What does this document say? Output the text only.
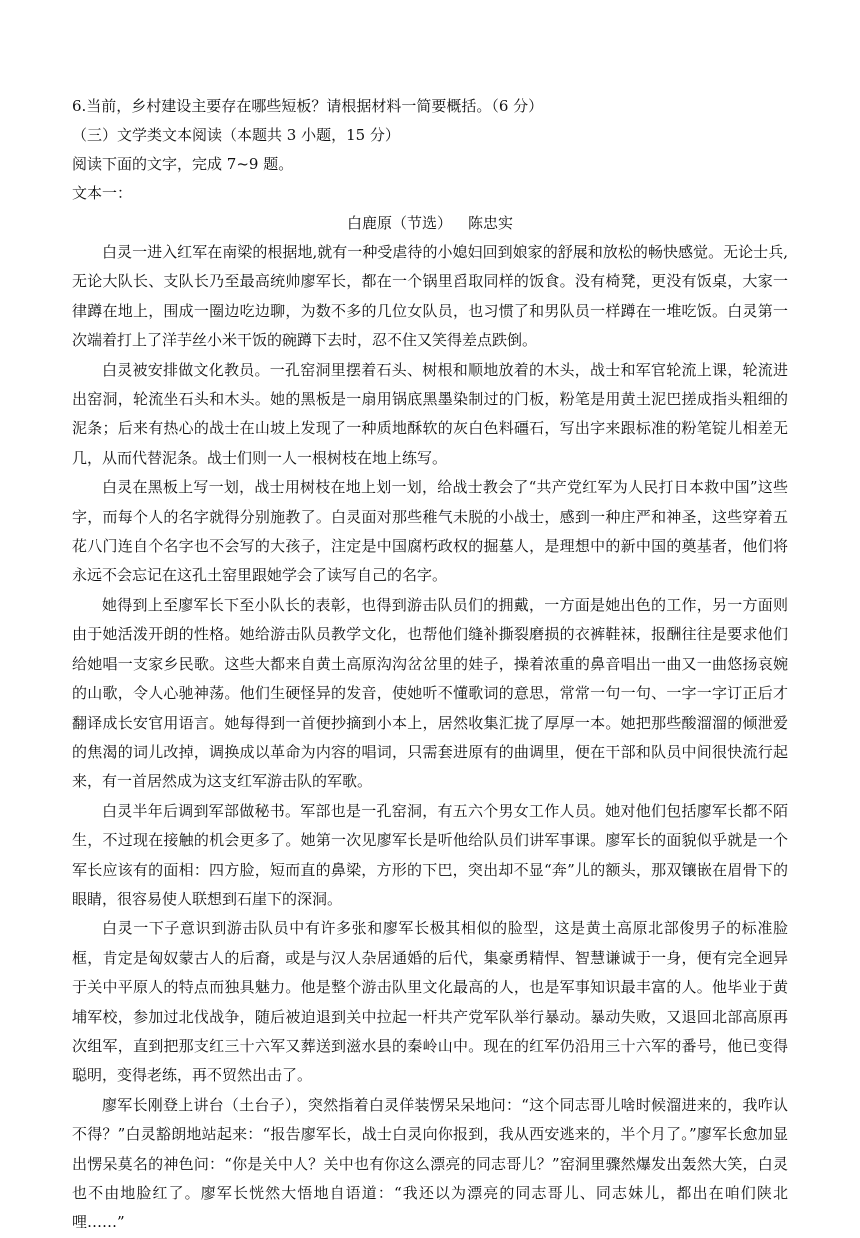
6.当前，乡村建设主要存在哪些短板？请根据材料一简要概括。（6 分）

（三）文学类文本阅读（本题共 3 小题，15 分）

阅读下面的文字，完成 7~9 题。

文本一：

白鹿原（节选） 陈忠实

白灵一进入红军在南梁的根据地,就有一种受虐待的小媳妇回到娘家的舒展和放松的畅快感觉。无论士兵,无论大队长、支队长乃至最高统帅廖军长，都在一个锅里舀取同样的饭食。没有椅凳，更没有饭桌，大家一律蹲在地上，围成一圈边吃边聊，为数不多的几位女队员，也习惯了和男队员一样蹲在一堆吃饭。白灵第一次端着打上了洋芋丝小米干饭的碗蹲下去时，忍不住又笑得差点跌倒。

白灵被安排做文化教员。一孔窑洞里摆着石头、树根和顺地放着的木头，战士和军官轮流上课，轮流进出窑洞，轮流坐石头和木头。她的黑板是一扇用锅底黑墨染制过的门板，粉笔是用黄土泥巴搓成指头粗细的泥条；后来有热心的战士在山坡上发现了一种质地酥软的灰白色料礓石，写出字来跟标准的粉笔锭儿相差无几，从而代替泥条。战士们则一人一根树枝在地上练写。

白灵在黑板上写一划，战士用树枝在地上划一划，给战士教会了“共产党红军为人民打日本救中国”这些字，而每个人的名字就得分别施教了。白灵面对那些稚气未脱的小战士，感到一种庄严和神圣，这些穿着五花八门连自个名字也不会写的大孩子，注定是中国腐朽政权的掘墓人，是理想中的新中国的奠基者，他们将永远不会忘记在这孔土窑里跟她学会了读写自己的名字。

她得到上至廖军长下至小队长的表彰，也得到游击队员们的拥戴，一方面是她出色的工作，另一方面则由于她活泼开朗的性格。她给游击队员教学文化，也帮他们缝补撕裂磨损的衣裤鞋袜，报酬往往是要求他们给她唱一支家乡民歌。这些大都来自黄土高原沟沟岔岔里的娃子，操着浓重的鼻音唱出一曲又一曲悠扬哀婉的山歌，令人心驰神荡。他们生硬怪异的发音，使她听不懂歌词的意思，常常一句一句、一字一字订正后才翻译成长安官用语言。她每得到一首便抄摘到小本上，居然收集汇拢了厚厚一本。她把那些酸溜溜的倾泄爱的焦渴的词儿改掉，调换成以革命为内容的唱词，只需套进原有的曲调里，便在干部和队员中间很快流行起来，有一首居然成为这支红军游击队的军歌。

白灵半年后调到军部做秘书。军部也是一孔窑洞，有五六个男女工作人员。她对他们包括廖军长都不陌生，不过现在接触的机会更多了。她第一次见廖军长是听他给队员们讲军事课。廖军长的面貌似乎就是一个军长应该有的面相：四方脸，短而直的鼻梁，方形的下巴，突出却不显“奔”儿的额头，那双镶嵌在眉骨下的眼睛，很容易使人联想到石崖下的深洞。

白灵一下子意识到游击队员中有许多张和廖军长极其相似的脸型，这是黄土高原北部俊男子的标准脸框，肯定是匈奴蒙古人的后裔，或是与汉人杂居通婚的后代，集豪勇精悍、智慧谦诚于一身，便有完全迥异于关中平原人的特点而独具魅力。他是整个游击队里文化最高的人，也是军事知识最丰富的人。他毕业于黄埔军校，参加过北伐战争，随后被迫退到关中拉起一杆共产党军队举行暴动。暴动失败，又退回北部高原再次组军，直到把那支红三十六军又葬送到滋水县的秦岭山中。现在的红军仍沿用三十六军的番号，他已变得聪明，变得老练，再不贸然出击了。

廖军长刚登上讲台（土台子），突然指着白灵佯装愣呆呆地问：“这个同志哥儿啥时候溜进来的，我咋认不得？”白灵豁朗地站起来：“报告廖军长，战士白灵向你报到，我从西安逃来的，半个月了。”廖军长愈加显出愣呆莫名的神色问：“你是关中人？关中也有你这么漂亮的同志哥儿？”窑洞里骤然爆发出轰然大笑，白灵也不由地脸红了。廖军长恍然大悟地自语道：“我还以为漂亮的同志哥儿、同志妹儿，都出在咱们陕北哩……”
